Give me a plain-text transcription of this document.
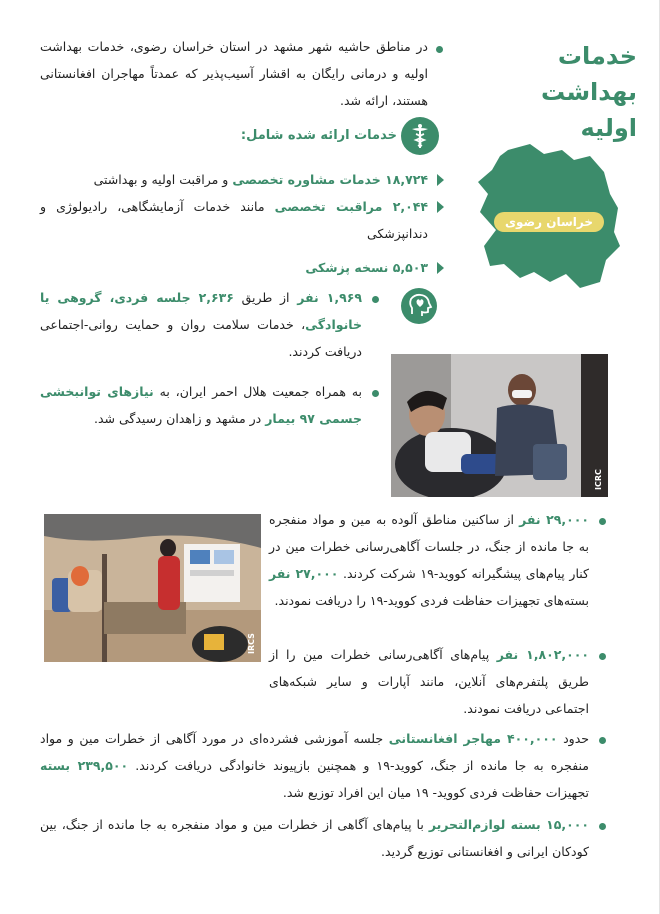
خدمات
بهداشت اولیه

در مناطق حاشیه شهر مشهد در استان خراسان رضوی، خدمات بهداشت اولیه و درمانی رایگان به اقشار آسیب‌پذیر که عمدتاً مهاجران افغانستانی هستند، ارائه شد.

خدمات ارائه شده شامل:

۱۸,۷۲۴ خدمات مشاوره تخصصی و مراقبت اولیه و بهداشتی

۲,۰۴۴ مراقبت تخصصی مانند خدمات آزمایشگاهی، رادیولوژی و دندانپزشکی

۵,۵۰۳ نسخه پزشکی

خراسان رضوی

۱,۹۶۹ نفر از طریق ۲,۶۳۶ جلسه فردی، گروهی یا خانوادگی، خدمات سلامت روان و حمایت روانی-اجتماعی دریافت کردند.

به همراه جمعیت هلال احمر ایران، به نیازهای توانبخشی جسمی ۹۷ بیمار در مشهد و زاهدان رسیدگی شد.

ICRC
IRCS

۲۹,۰۰۰ نفر از ساکنین مناطق آلوده به مین و مواد منفجره به جا مانده از جنگ، در جلسات آگاهی‌رسانی خطرات مین در کنار پیام‌های پیشگیرانه کووید-۱۹ شرکت کردند. ۲۷,۰۰۰ نفر بسته‌های تجهیزات حفاظت فردی کووید-۱۹ را دریافت نمودند.

۱,۸۰۲,۰۰۰ نفر پیام‌های آگاهی‌رسانی خطرات مین را از طریق پلتفرم‌های آنلاین، مانند آپارات و سایر شبکه‌های اجتماعی دریافت نمودند.

حدود ۴۰۰,۰۰۰ مهاجر افغانستانی جلسه آموزشی فشرده‌ای در مورد آگاهی از خطرات مین و مواد منفجره به جا مانده از جنگ، کووید-۱۹ و همچنین بازپیوند خانوادگی دریافت کردند. ۲۳۹,۵۰۰ بسته تجهیزات حفاظت فردی کووید- ۱۹ میان این افراد توزیع شد.

۱۵,۰۰۰ بسته لوازم‌التحریر با پیام‌های آگاهی از خطرات مین و مواد منفجره به جا مانده از جنگ، بین کودکان ایرانی و افغانستانی توزیع گردید.
